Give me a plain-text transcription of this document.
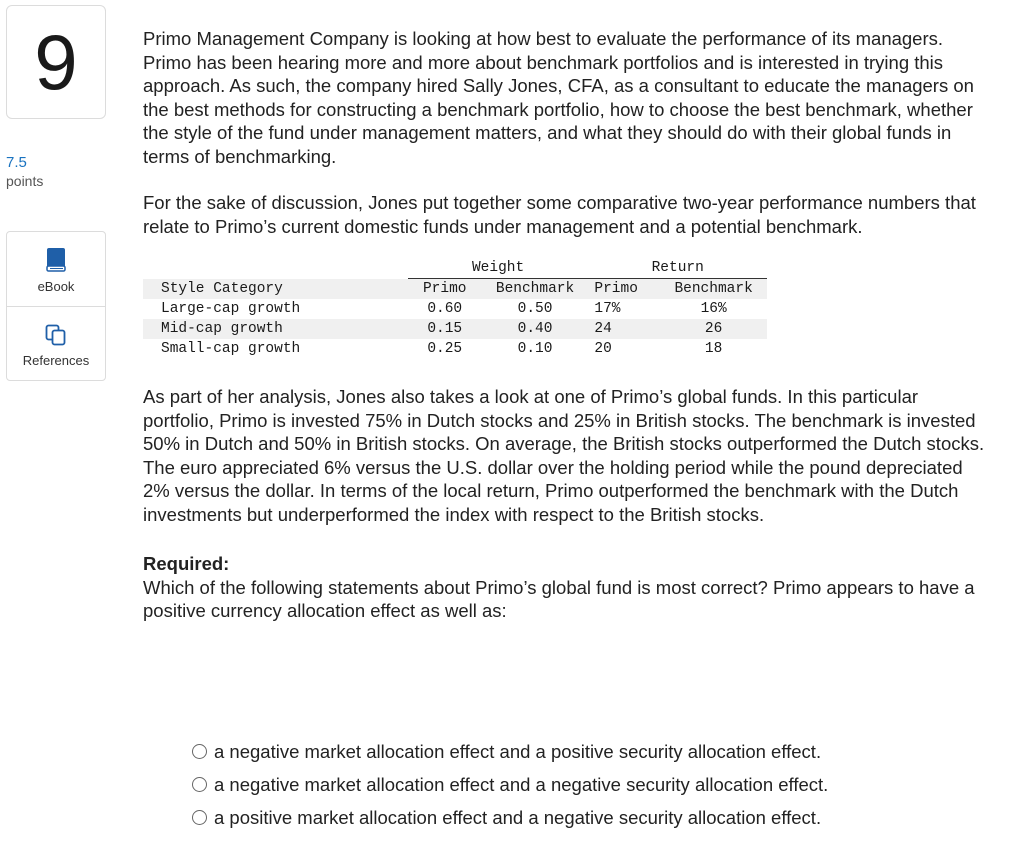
9
7.5
points
eBook
References

Primo Management Company is looking at how best to evaluate the performance of its managers. Primo has been hearing more and more about benchmark portfolios and is interested in trying this approach. As such, the company hired Sally Jones, CFA, as a consultant to educate the managers on the best methods for constructing a benchmark portfolio, how to choose the best benchmark, whether the style of the fund under management matters, and what they should do with their global funds in terms of benchmarking.

For the sake of discussion, Jones put together some comparative two-year performance numbers that relate to Primo’s current domestic funds under management and a potential benchmark.

	Weight		Return	
Style Category	Primo	Benchmark	Primo	Benchmark
Large-cap growth	0.60	0.50	17%	16%
Mid-cap growth	0.15	0.40	24	26
Small-cap growth	0.25	0.10	20	18

As part of her analysis, Jones also takes a look at one of Primo’s global funds. In this particular portfolio, Primo is invested 75% in Dutch stocks and 25% in British stocks. The benchmark is invested 50% in Dutch and 50% in British stocks. On average, the British stocks outperformed the Dutch stocks. The euro appreciated 6% versus the U.S. dollar over the holding period while the pound depreciated 2% versus the dollar. In terms of the local return, Primo outperformed the benchmark with the Dutch investments but underperformed the index with respect to the British stocks.

Required:

Which of the following statements about Primo’s global fund is most correct? Primo appears to have a positive currency allocation effect as well as:

a negative market allocation effect and a positive security allocation effect.
a negative market allocation effect and a negative security allocation effect.
a positive market allocation effect and a negative security allocation effect.
